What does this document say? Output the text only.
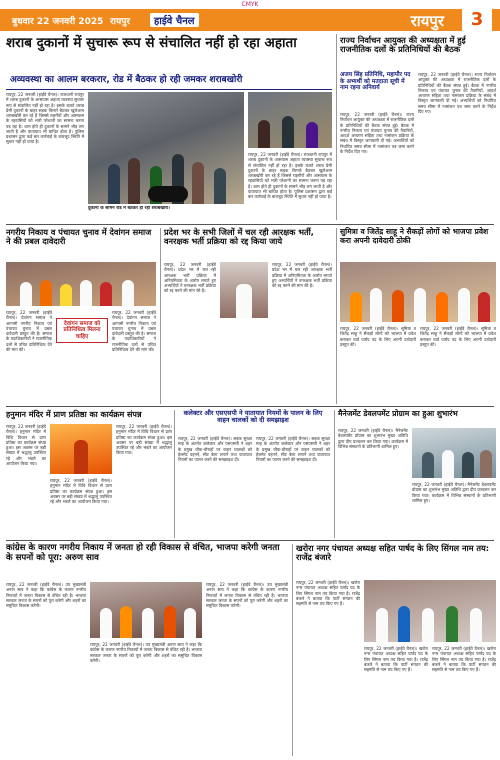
CMYK
बुधवार 22 जनवरी 2025 रायपुर	हाईवे चैनल	रायपुर	3
शराब दुकानों में सुचारू रूप से संचालित नहीं हो रहा अहाता
अव्यवस्था का आलम बरकरार, रोड में बैठकर हो रही जमकर शराबखोरी

रायपुर, 22 जनवरी (हाईवे चैनल)। राजधानी रायपुर में शराब दुकानों के आसपास अहाता व्यवस्था सुचारू रूप से संचालित नहीं हो रहा है। इसके चलते शराब प्रेमी दुकानों के बाहर सड़क किनारे बैठकर खुलेआम शराबखोरी कर रहे हैं जिससे राहगीरों और आसपास के रहवासियों को भारी परेशानी का सामना करना पड़ रहा है। शाम होते ही दुकानों के सामने भीड़ लग जाती है और यातायात भी बाधित होता है। पुलिस प्रशासन द्वारा कई बार कार्रवाई के बावजूद स्थिति में सुधार नहीं हो पाया है।

दुकानों के सामने रोड में बैठकर हो रही शराबखोरी।

रायपुर, 22 जनवरी (हाईवे चैनल)। राजधानी रायपुर में शराब दुकानों के आसपास अहाता व्यवस्था सुचारू रूप से संचालित नहीं हो रहा है। इसके चलते शराब प्रेमी दुकानों के बाहर सड़क किनारे बैठकर खुलेआम शराबखोरी कर रहे हैं जिससे राहगीरों और आसपास के रहवासियों को भारी परेशानी का सामना करना पड़ रहा है। शाम होते ही दुकानों के सामने भीड़ लग जाती है और यातायात भी बाधित होता है। पुलिस प्रशासन द्वारा कई बार कार्रवाई के बावजूद स्थिति में सुधार नहीं हो पाया है।

राज्य निर्वाचन आयुक्त की अध्यक्षता में हुई राजनीतिक दलों के प्रतिनिधियों की बैठक
अजय सिंह प्रतिनिधि, महापौर पद के अभ्यर्थी को मतदाता सूची में नाम रहना अनिवार्य

रायपुर, 22 जनवरी (हाईवे चैनल)। राज्य निर्वाचन आयुक्त की अध्यक्षता में राजनीतिक दलों के प्रतिनिधियों की बैठक संपन्न हुई। बैठक में नगरीय निकाय एवं पंचायत चुनाव की तैयारियों, आदर्श आचरण संहिता तथा नामांकन प्रक्रिया के संबंध में विस्तृत जानकारी दी गई। अभ्यर्थियों को निर्धारित समय सीमा में नामांकन पत्र जमा करने के निर्देश दिए गए।

रायपुर, 22 जनवरी (हाईवे चैनल)। राज्य निर्वाचन आयुक्त की अध्यक्षता में राजनीतिक दलों के प्रतिनिधियों की बैठक संपन्न हुई। बैठक में नगरीय निकाय एवं पंचायत चुनाव की तैयारियों, आदर्श आचरण संहिता तथा नामांकन प्रक्रिया के संबंध में विस्तृत जानकारी दी गई। अभ्यर्थियों को निर्धारित समय सीमा में नामांकन पत्र जमा करने के निर्देश दिए गए।

नगरीय निकाय व पंचायत चुनाव में देवांगन समाज ने की प्रबल दावेदारी

रायपुर, 22 जनवरी (हाईवे चैनल)। देवांगन समाज ने आगामी नगरीय निकाय एवं पंचायत चुनाव में प्रबल दावेदारी प्रस्तुत की है। समाज के पदाधिकारियों ने राजनीतिक दलों से उचित प्रतिनिधित्व देने की मांग की।

देवांगन समाज को प्रतिनिधित्व मिलना चाहिए

रायपुर, 22 जनवरी (हाईवे चैनल)। देवांगन समाज ने आगामी नगरीय निकाय एवं पंचायत चुनाव में प्रबल दावेदारी प्रस्तुत की है। समाज के पदाधिकारियों ने राजनीतिक दलों से उचित प्रतिनिधित्व देने की मांग की।

प्रदेश भर के सभी जिलों में चल रही आरक्षक भर्ती, वनरक्षक भर्ती प्रक्रिया को रद्द किया जाये

रायपुर, 22 जनवरी (हाईवे चैनल)। प्रदेश भर में चल रही आरक्षक भर्ती प्रक्रिया में अनियमितता के आरोप लगाते हुए अभ्यर्थियों ने वनरक्षक भर्ती प्रक्रिया को रद्द करने की मांग की है।

रायपुर, 22 जनवरी (हाईवे चैनल)। प्रदेश भर में चल रही आरक्षक भर्ती प्रक्रिया में अनियमितता के आरोप लगाते हुए अभ्यर्थियों ने वनरक्षक भर्ती प्रक्रिया को रद्द करने की मांग की है।

सुमित्रा व जितेंद्र साहू ने सैकड़ों लोगों को भाजपा प्रवेश करा अपनी दावेदारी ठोकी

रायपुर, 22 जनवरी (हाईवे चैनल)। सुमित्रा व जितेंद्र साहू ने सैकड़ों लोगों को भाजपा में प्रवेश कराकर वार्ड पार्षद पद के लिए अपनी दावेदारी प्रस्तुत की।

रायपुर, 22 जनवरी (हाईवे चैनल)। सुमित्रा व जितेंद्र साहू ने सैकड़ों लोगों को भाजपा में प्रवेश कराकर वार्ड पार्षद पद के लिए अपनी दावेदारी प्रस्तुत की।

हनुमान मंदिर में प्राण प्रतिष्ठा का कार्यक्रम संपन्न

रायपुर, 22 जनवरी (हाईवे चैनल)। हनुमान मंदिर में विधि विधान से प्राण प्रतिष्ठा का कार्यक्रम संपन्न हुआ। इस अवसर पर बड़ी संख्या में श्रद्धालु उपस्थित रहे और भंडारे का आयोजन किया गया।

रायपुर, 22 जनवरी (हाईवे चैनल)। हनुमान मंदिर में विधि विधान से प्राण प्रतिष्ठा का कार्यक्रम संपन्न हुआ। इस अवसर पर बड़ी संख्या में श्रद्धालु उपस्थित रहे और भंडारे का आयोजन किया गया।

रायपुर, 22 जनवरी (हाईवे चैनल)। हनुमान मंदिर में विधि विधान से प्राण प्रतिष्ठा का कार्यक्रम संपन्न हुआ। इस अवसर पर बड़ी संख्या में श्रद्धालु उपस्थित रहे और भंडारे का आयोजन किया गया।

कलेक्टर और एसएसपी ने यातायात नियमों के पालन के लिए वाहन चालकों को दी समझाइश

रायपुर, 22 जनवरी (हाईवे चैनल)। सड़क सुरक्षा माह के अंतर्गत कलेक्टर और एसएसपी ने शहर के प्रमुख चौक-चौराहों पर वाहन चालकों को हेलमेट पहनने, सीट बेल्ट लगाने तथा यातायात नियमों का पालन करने की समझाइश दी।

रायपुर, 22 जनवरी (हाईवे चैनल)। सड़क सुरक्षा माह के अंतर्गत कलेक्टर और एसएसपी ने शहर के प्रमुख चौक-चौराहों पर वाहन चालकों को हेलमेट पहनने, सीट बेल्ट लगाने तथा यातायात नियमों का पालन करने की समझाइश दी।

मैनेजमेंट डेवलपमेंट प्रोग्राम का हुआ शुभारंभ

रायपुर, 22 जनवरी (हाईवे चैनल)। मैनेजमेंट डेवलपमेंट प्रोग्राम का शुभारंभ मुख्य अतिथि द्वारा दीप प्रज्वलन कर किया गया। कार्यक्रम में विभिन्न संस्थानों के प्रतिभागी शामिल हुए।

रायपुर, 22 जनवरी (हाईवे चैनल)। मैनेजमेंट डेवलपमेंट प्रोग्राम का शुभारंभ मुख्य अतिथि द्वारा दीप प्रज्वलन कर किया गया। कार्यक्रम में विभिन्न संस्थानों के प्रतिभागी शामिल हुए।

कांग्रेस के कारण नगरीय निकाय में जनता हो रही विकास से वंचित, भाजपा करेगी जनता के सपनों को पूरा: अरुण साव

रायपुर, 22 जनवरी (हाईवे चैनल)। उप मुख्यमंत्री अरुण साव ने कहा कि कांग्रेस के कारण नगरीय निकायों में जनता विकास से वंचित रही है। भाजपा सरकार जनता के सपनों को पूरा करेगी और शहरों का समुचित विकास करेगी।

रायपुर, 22 जनवरी (हाईवे चैनल)। उप मुख्यमंत्री अरुण साव ने कहा कि कांग्रेस के कारण नगरीय निकायों में जनता विकास से वंचित रही है। भाजपा सरकार जनता के सपनों को पूरा करेगी और शहरों का समुचित विकास करेगी।

रायपुर, 22 जनवरी (हाईवे चैनल)। उप मुख्यमंत्री अरुण साव ने कहा कि कांग्रेस के कारण नगरीय निकायों में जनता विकास से वंचित रही है। भाजपा सरकार जनता के सपनों को पूरा करेगी और शहरों का समुचित विकास करेगी।

खरोरा नगर पंचायत अध्यक्ष सहित पार्षद के लिए सिंगल नाम तय: राजेंद्र बंजारे

रायपुर, 22 जनवरी (हाईवे चैनल)। खरोरा नगर पंचायत अध्यक्ष सहित पार्षद पद के लिए सिंगल नाम तय किया गया है। राजेंद्र बंजारे ने बताया कि पार्टी संगठन की सहमति से नाम तय किए गए हैं।

रायपुर, 22 जनवरी (हाईवे चैनल)। खरोरा नगर पंचायत अध्यक्ष सहित पार्षद पद के लिए सिंगल नाम तय किया गया है। राजेंद्र बंजारे ने बताया कि पार्टी संगठन की सहमति से नाम तय किए गए हैं।

रायपुर, 22 जनवरी (हाईवे चैनल)। खरोरा नगर पंचायत अध्यक्ष सहित पार्षद पद के लिए सिंगल नाम तय किया गया है। राजेंद्र बंजारे ने बताया कि पार्टी संगठन की सहमति से नाम तय किए गए हैं।
